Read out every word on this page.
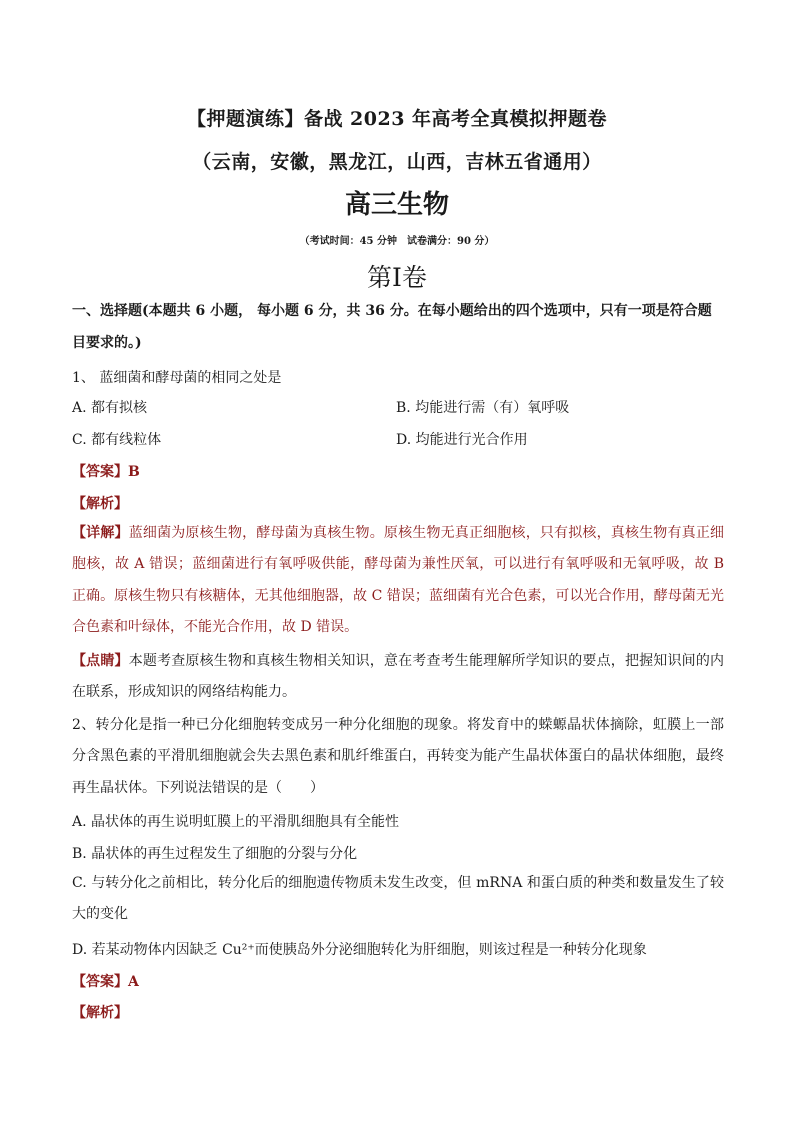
【押题演练】备战 2023 年高考全真模拟押题卷
（云南，安徽，黑龙江，山西，吉林五省通用）
高三生物
（考试时间：45 分钟　试卷满分：90 分）
第Ⅰ卷
一、选择题(本题共 6 小题， 每小题 6 分，共 36 分。在每小题给出的四个选项中，只有一项是符合题目要求的。)
1、 蓝细菌和酵母菌的相同之处是
A. 都有拟核	B. 均能进行需（有）氧呼吸
C. 都有线粒体	D. 均能进行光合作用
【答案】B
【解析】
【详解】蓝细菌为原核生物，酵母菌为真核生物。原核生物无真正细胞核，只有拟核，真核生物有真正细胞核，故 A 错误；蓝细菌进行有氧呼吸供能，酵母菌为兼性厌氧，可以进行有氧呼吸和无氧呼吸，故 B 正确。原核生物只有核糖体，无其他细胞器，故 C 错误；蓝细菌有光合色素，可以光合作用，酵母菌无光合色素和叶绿体，不能光合作用，故 D 错误。
【点睛】本题考查原核生物和真核生物相关知识，意在考查考生能理解所学知识的要点，把握知识间的内在联系，形成知识的网络结构能力。
2、转分化是指一种已分化细胞转变成另一种分化细胞的现象。将发育中的蝾螈晶状体摘除，虹膜上一部分含黑色素的平滑肌细胞就会失去黑色素和肌纤维蛋白，再转变为能产生晶状体蛋白的晶状体细胞，最终再生晶状体。下列说法错误的是（　　）
A. 晶状体的再生说明虹膜上的平滑肌细胞具有全能性
B. 晶状体的再生过程发生了细胞的分裂与分化
C. 与转分化之前相比，转分化后的细胞遗传物质未发生改变，但 mRNA 和蛋白质的种类和数量发生了较大的变化
D. 若某动物体内因缺乏 Cu²⁺而使胰岛外分泌细胞转化为肝细胞，则该过程是一种转分化现象
【答案】A
【解析】
